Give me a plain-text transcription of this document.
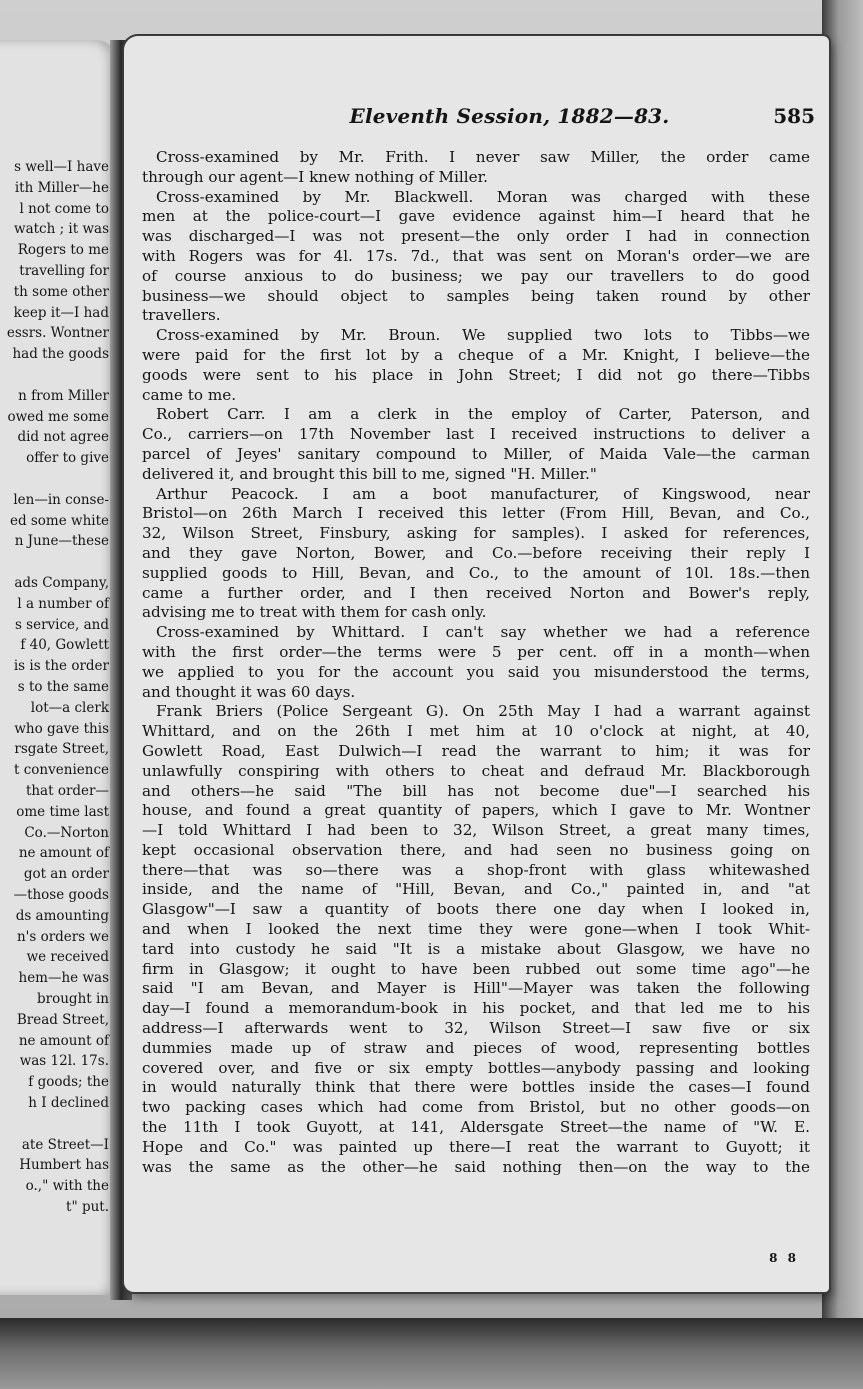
s well—I have
ith Miller—he
l not come to
watch ; it was
Rogers to me
travelling for
th some other
keep it—I had
essrs. Wontner
had the goods
n from Miller
owed me some
did not agree
offer to give
len—in conse-
ed some white
n June—these
ads Company,
l a number of
s service, and
f 40, Gowlett
is is the order
s to the same
lot—a clerk
who gave this
rsgate Street,
t convenience
that order—
ome time last
Co.—Norton
ne amount of
got an order
—those goods
ds amounting
n's orders we
we received
hem—he was
brought in
Bread Street,
ne amount of
was 12l. 17s.
f goods; the
h I declined
ate Street—I
Humbert has
o.," with the
t" put.
Eleventh Session, 1882—83.	585
Cross-examined by Mr. Frith. I never saw Miller, the order came
through our agent—I knew nothing of Miller.
Cross-examined by Mr. Blackwell. Moran was charged with these
men at the police-court—I gave evidence against him—I heard that he
was discharged—I was not present—the only order I had in connection
with Rogers was for 4l. 17s. 7d., that was sent on Moran's order—we are
of course anxious to do business; we pay our travellers to do good
business—we should object to samples being taken round by other
travellers.
Cross-examined by Mr. Broun. We supplied two lots to Tibbs—we
were paid for the first lot by a cheque of a Mr. Knight, I believe—the
goods were sent to his place in John Street; I did not go there—Tibbs
came to me.
Robert Carr. I am a clerk in the employ of Carter, Paterson, and
Co., carriers—on 17th November last I received instructions to deliver a
parcel of Jeyes' sanitary compound to Miller, of Maida Vale—the carman
delivered it, and brought this bill to me, signed "H. Miller."
Arthur Peacock. I am a boot manufacturer, of Kingswood, near
Bristol—on 26th March I received this letter (From Hill, Bevan, and Co.,
32, Wilson Street, Finsbury, asking for samples). I asked for references,
and they gave Norton, Bower, and Co.—before receiving their reply I
supplied goods to Hill, Bevan, and Co., to the amount of 10l. 18s.—then
came a further order, and I then received Norton and Bower's reply,
advising me to treat with them for cash only.
Cross-examined by Whittard. I can't say whether we had a reference
with the first order—the terms were 5 per cent. off in a month—when
we applied to you for the account you said you misunderstood the terms,
and thought it was 60 days.
Frank Briers (Police Sergeant G). On 25th May I had a warrant against
Whittard, and on the 26th I met him at 10 o'clock at night, at 40,
Gowlett Road, East Dulwich—I read the warrant to him; it was for
unlawfully conspiring with others to cheat and defraud Mr. Blackborough
and others—he said "The bill has not become due"—I searched his
house, and found a great quantity of papers, which I gave to Mr. Wontner
—I told Whittard I had been to 32, Wilson Street, a great many times,
kept occasional observation there, and had seen no business going on
there—that was so—there was a shop-front with glass whitewashed
inside, and the name of "Hill, Bevan, and Co.," painted in, and "at
Glasgow"—I saw a quantity of boots there one day when I looked in,
and when I looked the next time they were gone—when I took Whit-
tard into custody he said "It is a mistake about Glasgow, we have no
firm in Glasgow; it ought to have been rubbed out some time ago"—he
said "I am Bevan, and Mayer is Hill"—Mayer was taken the following
day—I found a memorandum-book in his pocket, and that led me to his
address—I afterwards went to 32, Wilson Street—I saw five or six
dummies made up of straw and pieces of wood, representing bottles
covered over, and five or six empty bottles—anybody passing and looking
in would naturally think that there were bottles inside the cases—I found
two packing cases which had come from Bristol, but no other goods—on
the 11th I took Guyott, at 141, Aldersgate Street—the name of "W. E.
Hope and Co." was painted up there—I reat the warrant to Guyott; it
was the same as the other—he said nothing then—on the way to the
8 8
